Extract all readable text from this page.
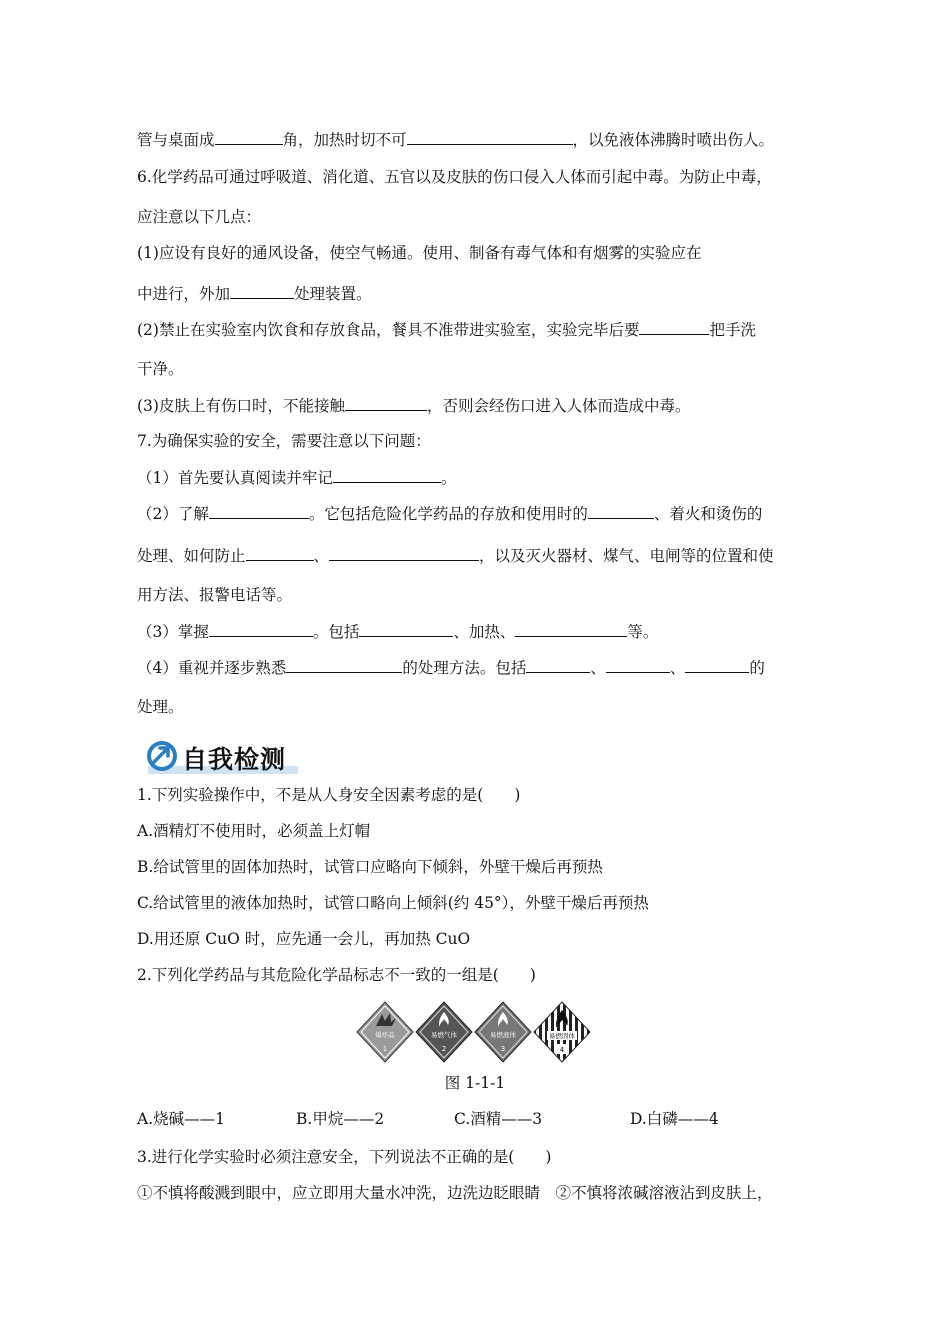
管与桌面成	角，加热时切不可	，以免液体沸腾时喷出伤人。
6.化学药品可通过呼吸道、消化道、五官以及皮肤的伤口侵入人体而引起中毒。为防止中毒，
应注意以下几点：
(1)应设有良好的通风设备，使空气畅通。使用、制备有毒气体和有烟雾的实验应在
中进行，外加	处理装置。
(2)禁止在实验室内饮食和存放食品，餐具不准带进实验室，实验完毕后要	把手洗
干净。
(3)皮肤上有伤口时，不能接触	，否则会经伤口进入人体而造成中毒。
7.为确保实验的安全，需要注意以下问题：
（1）首先要认真阅读并牢记	。
（2）了解	。它包括危险化学药品的存放和使用时的	、着火和烫伤的
处理、如何防止	、	，以及灭火器材、煤气、电闸等的位置和使
用方法、报警电话等。
（3）掌握	。包括	、加热、	等。
（4）重视并逐步熟悉	的处理方法。包括	、	、	的
处理。
自我检测
1.下列实验操作中，不是从人身安全因素考虑的是(　　)
A.酒精灯不使用时，必须盖上灯帽
B.给试管里的固体加热时，试管口应略向下倾斜，外壁干燥后再预热
C.给试管里的液体加热时，试管口略向上倾斜(约 45°），外壁干燥后再预热
D.用还原 CuO 时，应先通一会儿，再加热 CuO
2.下列化学药品与其危险化学品标志不一致的一组是(　　)
爆炸品
1
易燃气体
2
易燃液体
3
易燃固体
4
图 1-1-1
A.烧碱——1	B.甲烷——2	C.酒精——3	D.白磷——4
3.进行化学实验时必须注意安全，下列说法不正确的是(　　)
①不慎将酸溅到眼中，应立即用大量水冲洗，边洗边眨眼睛　②不慎将浓碱溶液沾到皮肤上，
